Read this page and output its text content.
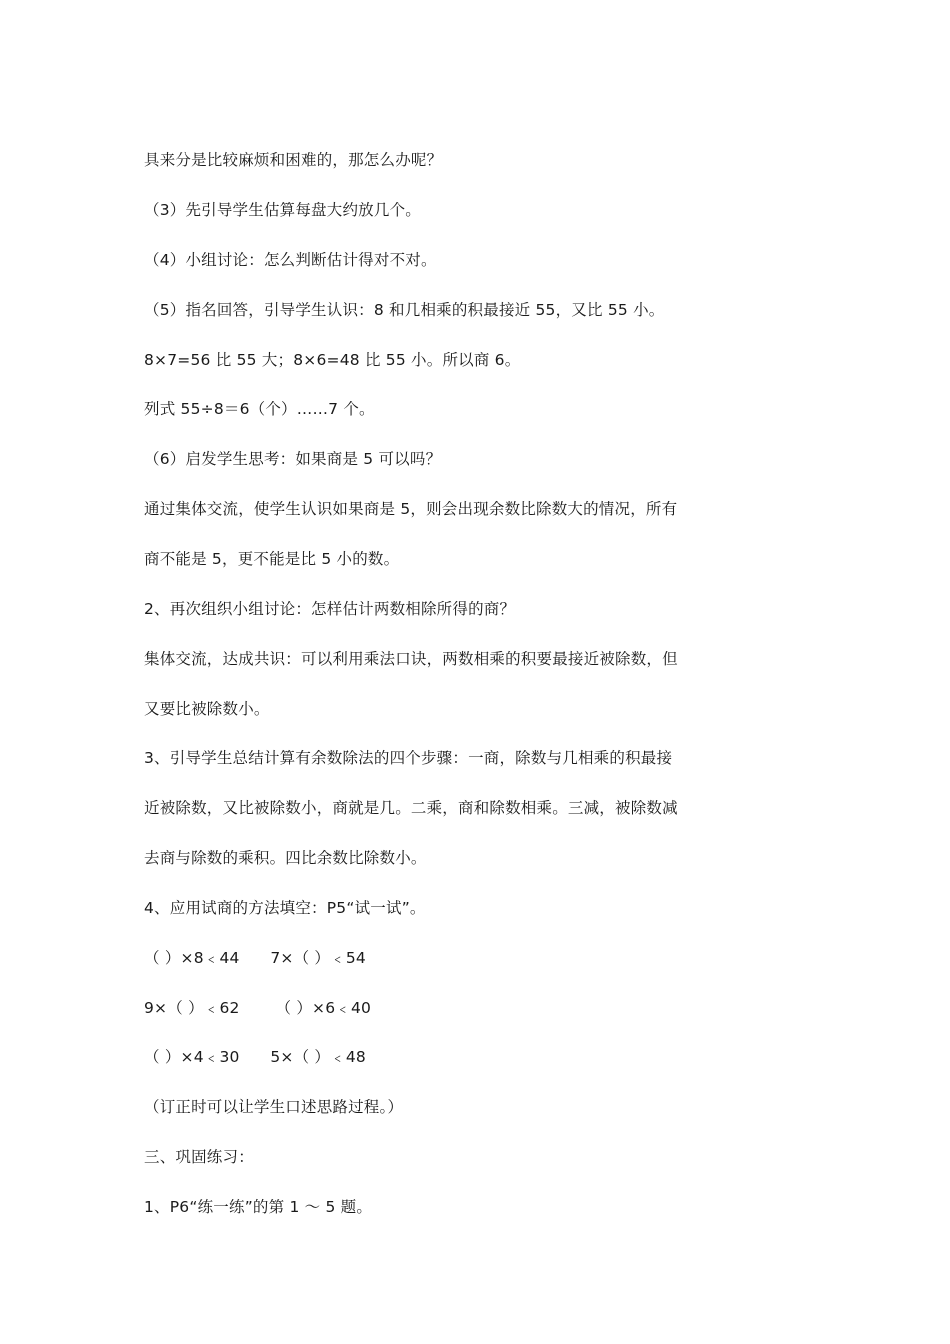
具来分是比较麻烦和困难的，那怎么办呢？
（3）先引导学生估算每盘大约放几个。
（4）小组讨论：怎么判断估计得对不对。
（5）指名回答，引导学生认识：8 和几相乘的积最接近 55，又比 55 小。
8×7=56 比 55 大；8×6=48 比 55 小。所以商 6。
列式 55÷8＝6（个）……7 个。
（6）启发学生思考：如果商是 5 可以吗？
通过集体交流，使学生认识如果商是 5，则会出现余数比除数大的情况，所有
商不能是 5，更不能是比 5 小的数。
2、再次组织小组讨论：怎样估计两数相除所得的商？
集体交流，达成共识：可以利用乘法口诀，两数相乘的积要最接近被除数，但
又要比被除数小。
3、引导学生总结计算有余数除法的四个步骤：一商，除数与几相乘的积最接
近被除数，又比被除数小，商就是几。二乘，商和除数相乘。三减，被除数减
去商与除数的乘积。四比余数比除数小。
4、应用试商的方法填空：P5“试一试”。
（ ）×8﹤44      7×（ ）﹤54
9×（ ）﹤62       （ ）×6﹤40
（ ）×4﹤30      5×（ ）﹤48
（订正时可以让学生口述思路过程。）
三、巩固练习：
1、P6“练一练”的第 1 ～ 5 题。
